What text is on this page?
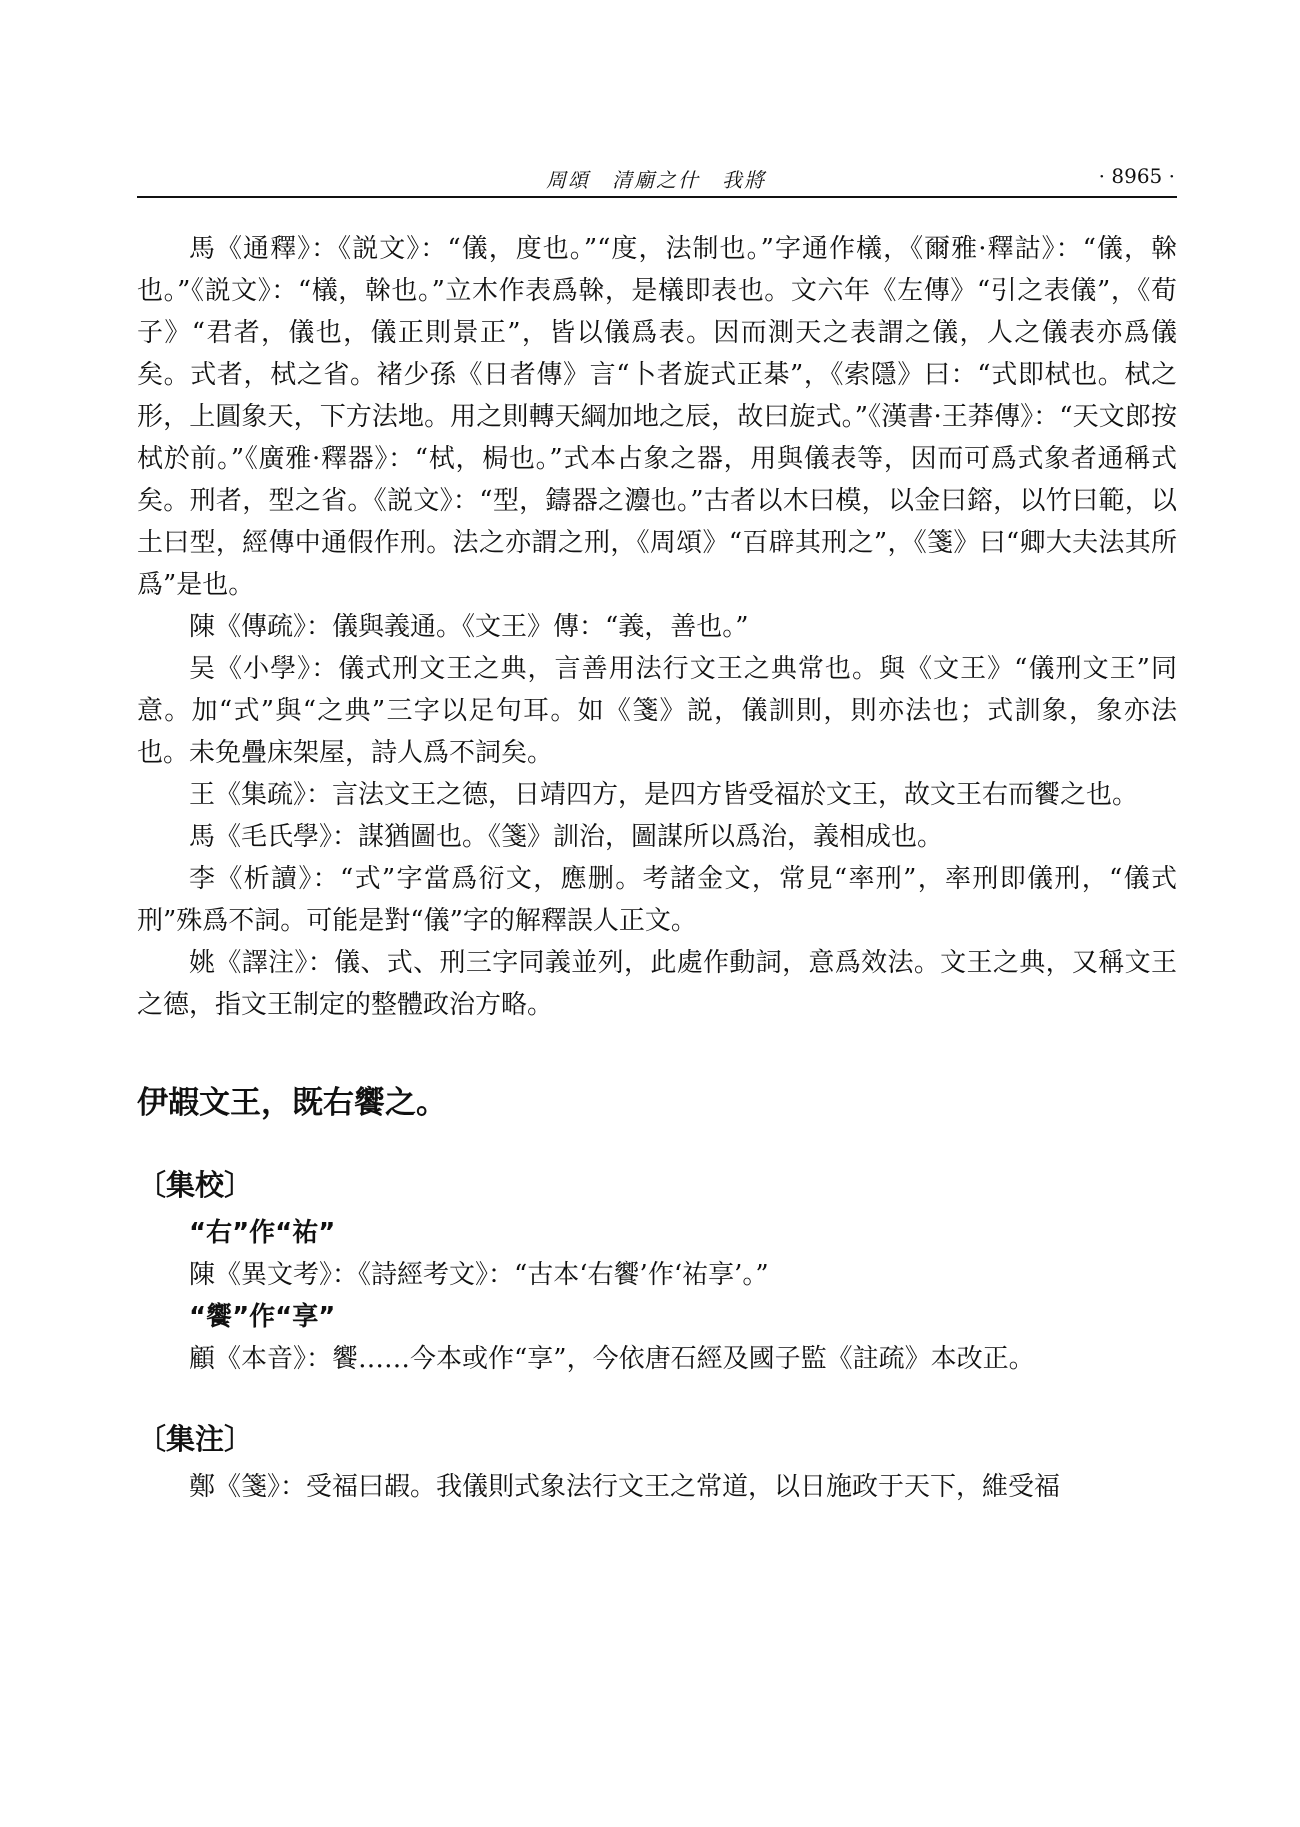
周頌　清廟之什　我將	· 8965 ·

馬《通釋》：《説文》：“儀，度也。”“度，法制也。”字通作檥，《爾雅·釋詁》：“儀，榦也。”《説文》：“檥，榦也。”立木作表爲榦，是檥即表也。文六年《左傳》“引之表儀”，《荀子》“君者，儀也，儀正則景正”，皆以儀爲表。因而測天之表謂之儀，人之儀表亦爲儀矣。式者，栻之省。褚少孫《日者傳》言“卜者旋式正棊”，《索隱》曰：“式即栻也。栻之形，上圓象天，下方法地。用之則轉天綱加地之辰，故曰旋式。”《漢書·王莽傳》：“天文郎按栻於前。”《廣雅·釋器》：“栻，梮也。”式本占象之器，用與儀表等，因而可爲式象者通稱式矣。刑者，型之省。《説文》：“型，鑄器之灋也。”古者以木曰模，以金曰鎔，以竹曰範，以土曰型，經傳中通假作刑。法之亦謂之刑，《周頌》“百辟其刑之”，《箋》曰“卿大夫法其所爲”是也。

陳《傳疏》：儀與義通。《文王》傳：“義，善也。”

吴《小學》：儀式刑文王之典，言善用法行文王之典常也。與《文王》“儀刑文王”同意。加“式”與“之典”三字以足句耳。如《箋》説，儀訓則，則亦法也；式訓象，象亦法也。未免疊床架屋，詩人爲不詞矣。

王《集疏》：言法文王之德，日靖四方，是四方皆受福於文王，故文王右而饗之也。

馬《毛氏學》：謀猶圖也。《箋》訓治，圖謀所以爲治，義相成也。

李《析讀》：“式”字當爲衍文，應删。考諸金文，常見“率刑”，率刑即儀刑，“儀式刑”殊爲不詞。可能是對“儀”字的解釋誤人正文。

姚《譯注》：儀、式、刑三字同義並列，此處作動詞，意爲效法。文王之典，又稱文王之德，指文王制定的整體政治方略。

伊嘏文王，既右饗之。
〔集校〕

“右”作“祐”

陳《異文考》：《詩經考文》：“古本‘右饗’作‘祐享’。”

“饗”作“享”

顧《本音》：饗……今本或作“享”，今依唐石經及國子監《註疏》本改正。

〔集注〕

鄭《箋》：受福曰嘏。我儀則式象法行文王之常道，以日施政于天下，維受福
